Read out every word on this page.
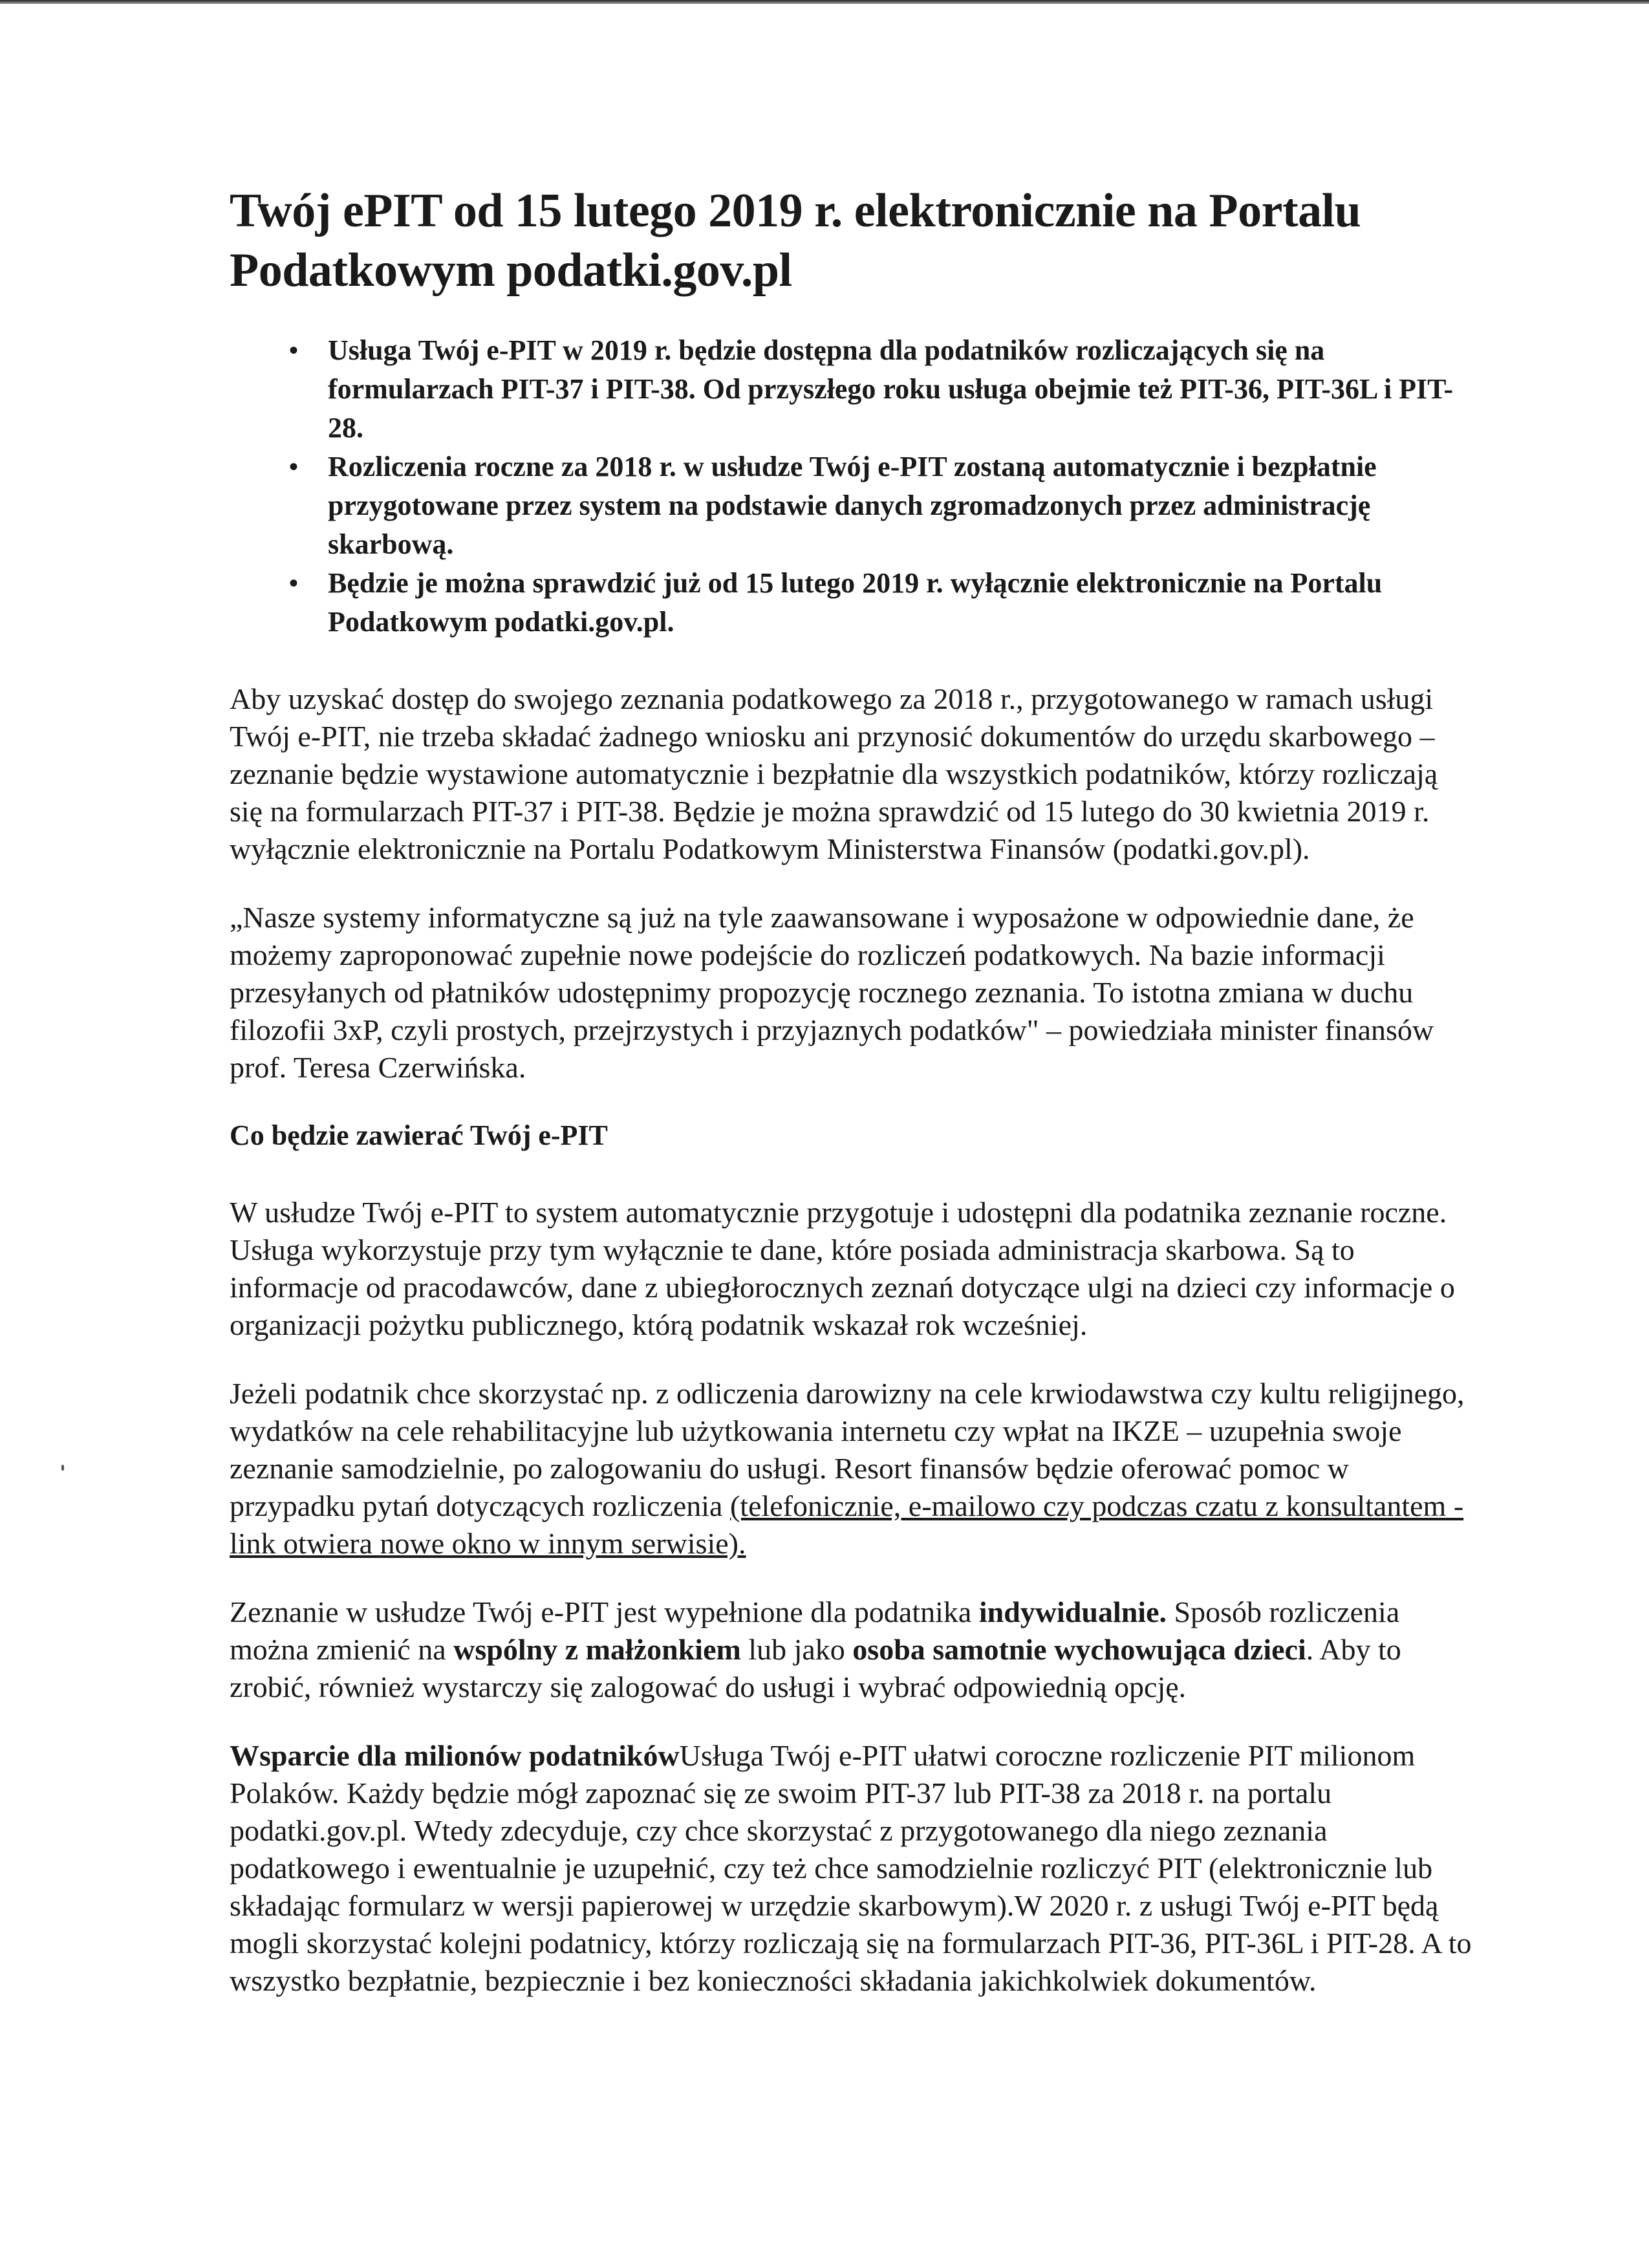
Twój ePIT od 15 lutego 2019 r. elektronicznie na Portalu Podatkowym podatki.gov.pl
• Usługa Twój e-PIT w 2019 r. będzie dostępna dla podatników rozliczających się na formularzach PIT-37 i PIT-38. Od przyszłego roku usługa obejmie też PIT-36, PIT-36L i PIT-28.
• Rozliczenia roczne za 2018 r. w usłudze Twój e-PIT zostaną automatycznie i bezpłatnie przygotowane przez system na podstawie danych zgromadzonych przez administrację skarbową.
• Będzie je można sprawdzić już od 15 lutego 2019 r. wyłącznie elektronicznie na Portalu Podatkowym podatki.gov.pl.

Aby uzyskać dostęp do swojego zeznania podatkowego za 2018 r., przygotowanego w ramach usługi Twój e-PIT, nie trzeba składać żadnego wniosku ani przynosić dokumentów do urzędu skarbowego – zeznanie będzie wystawione automatycznie i bezpłatnie dla wszystkich podatników, którzy rozliczają się na formularzach PIT-37 i PIT-38. Będzie je można sprawdzić od 15 lutego do 30 kwietnia 2019 r. wyłącznie elektronicznie na Portalu Podatkowym Ministerstwa Finansów (podatki.gov.pl).

„Nasze systemy informatyczne są już na tyle zaawansowane i wyposażone w odpowiednie dane, że możemy zaproponować zupełnie nowe podejście do rozliczeń podatkowych. Na bazie informacji przesyłanych od płatników udostępnimy propozycję rocznego zeznania. To istotna zmiana w duchu filozofii 3xP, czyli prostych, przejrzystych i przyjaznych podatków" – powiedziała minister finansów prof. Teresa Czerwińska.

Co będzie zawierać Twój e-PIT

W usłudze Twój e-PIT to system automatycznie przygotuje i udostępni dla podatnika zeznanie roczne. Usługa wykorzystuje przy tym wyłącznie te dane, które posiada administracja skarbowa. Są to informacje od pracodawców, dane z ubiegłorocznych zeznań dotyczące ulgi na dzieci czy informacje o organizacji pożytku publicznego, którą podatnik wskazał rok wcześniej.

Jeżeli podatnik chce skorzystać np. z odliczenia darowizny na cele krwiodawstwa czy kultu religijnego, wydatków na cele rehabilitacyjne lub użytkowania internetu czy wpłat na IKZE – uzupełnia swoje zeznanie samodzielnie, po zalogowaniu do usługi. Resort finansów będzie oferować pomoc w przypadku pytań dotyczących rozliczenia (telefonicznie, e-mailowo czy podczas czatu z konsultantem - link otwiera nowe okno w innym serwisie).

Zeznanie w usłudze Twój e-PIT jest wypełnione dla podatnika indywidualnie. Sposób rozliczenia można zmienić na wspólny z małżonkiem lub jako osoba samotnie wychowująca dzieci. Aby to zrobić, również wystarczy się zalogować do usługi i wybrać odpowiednią opcję.

Wsparcie dla milionów podatnikówUsługa Twój e-PIT ułatwi coroczne rozliczenie PIT milionom Polaków. Każdy będzie mógł zapoznać się ze swoim PIT-37 lub PIT-38 za 2018 r. na portalu podatki.gov.pl. Wtedy zdecyduje, czy chce skorzystać z przygotowanego dla niego zeznania podatkowego i ewentualnie je uzupełnić, czy też chce samodzielnie rozliczyć PIT (elektronicznie lub składając formularz w wersji papierowej w urzędzie skarbowym).W 2020 r. z usługi Twój e-PIT będą mogli skorzystać kolejni podatnicy, którzy rozliczają się na formularzach PIT-36, PIT-36L i PIT-28. A to wszystko bezpłatnie, bezpiecznie i bez konieczności składania jakichkolwiek dokumentów.
